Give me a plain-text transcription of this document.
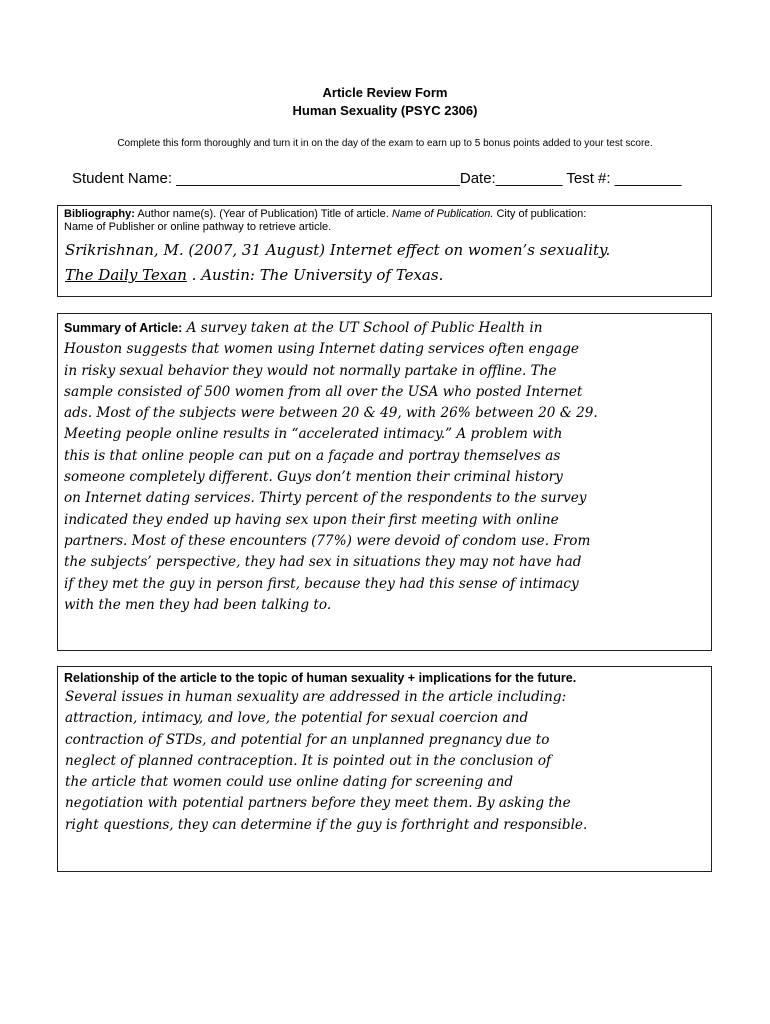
Article Review Form
Human Sexuality (PSYC 2306)
Complete this form thoroughly and turn it in on the day of the exam to earn up to 5 bonus points added to your test score.
Student Name: __________________________________Date:________ Test #: ________
Bibliography: Author name(s). (Year of Publication) Title of article. Name of Publication. City of publication:
Name of Publisher or online pathway to retrieve article.
Srikrishnan, M. (2007, 31 August) Internet effect on women’s sexuality.
The Daily Texan . Austin: The University of Texas.
Summary of Article: A survey taken at the UT School of Public Health in
Houston suggests that women using Internet dating services often engage
in risky sexual behavior they would not normally partake in offline. The
sample consisted of 500 women from all over the USA who posted Internet
ads. Most of the subjects were between 20 & 49, with 26% between 20 & 29.
Meeting people online results in “accelerated intimacy.” A problem with
this is that online people can put on a façade and portray themselves as
someone completely different. Guys don’t mention their criminal history
on Internet dating services. Thirty percent of the respondents to the survey
indicated they ended up having sex upon their first meeting with online
partners. Most of these encounters (77%) were devoid of condom use. From
the subjects’ perspective, they had sex in situations they may not have had
if they met the guy in person first, because they had this sense of intimacy
with the men they had been talking to.
Relationship of the article to the topic of human sexuality + implications for the future.
Several issues in human sexuality are addressed in the article including:
attraction, intimacy, and love, the potential for sexual coercion and
contraction of STDs, and potential for an unplanned pregnancy due to
neglect of planned contraception. It is pointed out in the conclusion of
the article that women could use online dating for screening and
negotiation with potential partners before they meet them. By asking the
right questions, they can determine if the guy is forthright and responsible.
